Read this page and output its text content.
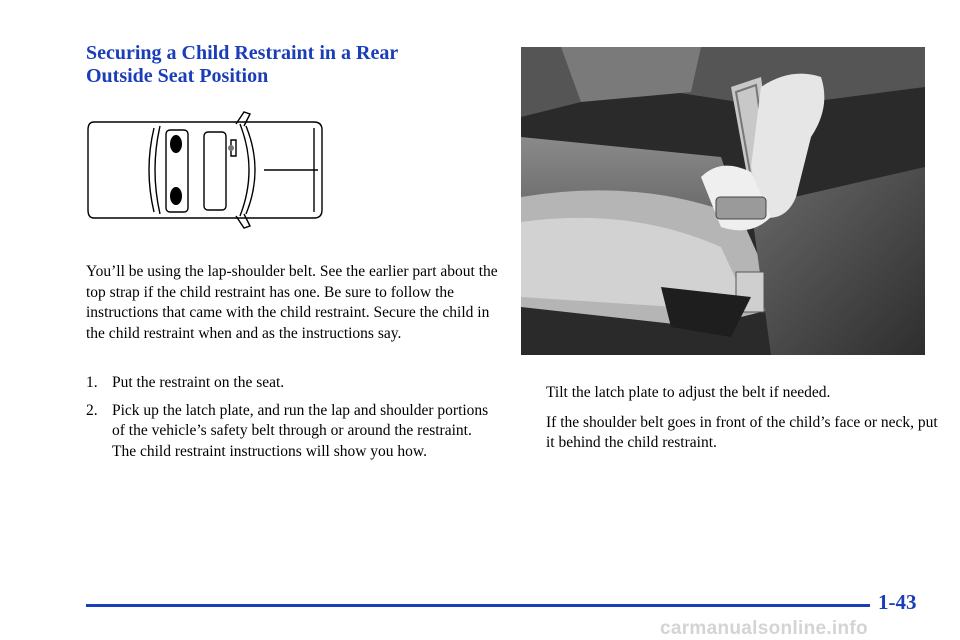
Securing a Child Restraint in a Rear
Outside Seat Position

You’ll be using the lap-shoulder belt. See the earlier part about the top strap if the child restraint has one. Be sure to follow the instructions that came with the child restraint. Secure the child in the child restraint when and as the instructions say.

1. Put the restraint on the seat.
2. Pick up the latch plate, and run the lap and shoulder portions of the vehicle’s safety belt through or around the restraint. The child restraint instructions will show you how.

Tilt the latch plate to adjust the belt if needed.

If the shoulder belt goes in front of the child’s face or neck, put it behind the child restraint.

1-43
carmanualsonline.info
